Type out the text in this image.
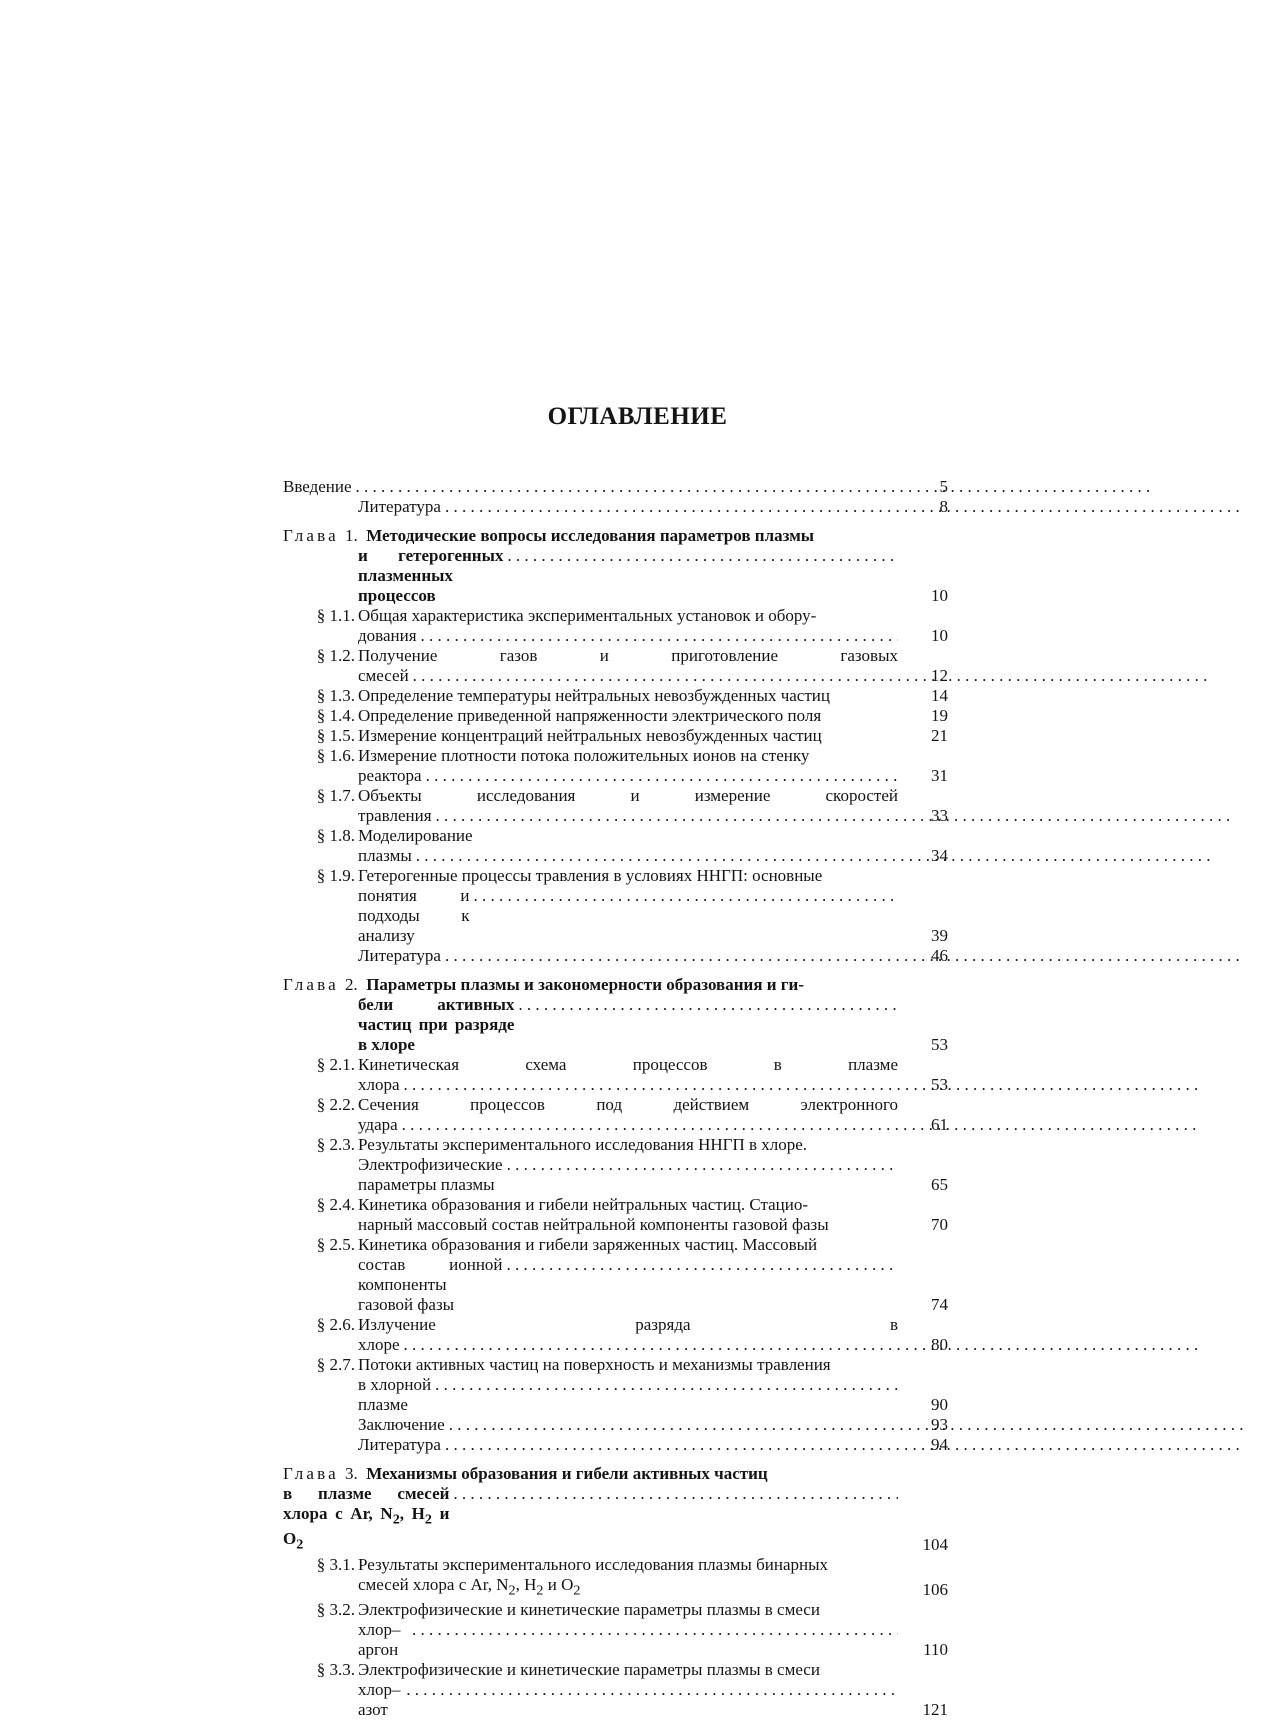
ОГЛАВЛЕНИЕ
Введение . . .	5
Литература . . .	8
Глава 1. Методические вопросы исследования параметров плазмы
и гетерогенных плазменных процессов
. . .	10
§ 1.1. Общая характеристика экспериментальных установок и обору-
дования . . .	10
§ 1.2. Получение газов и приготовление газовых смесей . . .	12
§ 1.3. Определение температуры нейтральных невозбужденных частиц	14
§ 1.4. Определение приведенной напряженности электрического поля	19
§ 1.5. Измерение концентраций нейтральных невозбужденных частиц	21
§ 1.6. Измерение плотности потока положительных ионов на стенку
реактора . . .	31
§ 1.7. Объекты исследования и измерение скоростей травления . . .	33
§ 1.8. Моделирование плазмы . . .	34
§ 1.9. Гетерогенные процессы травления в условиях ННГП: основные
понятия и подходы к анализу
. . .	39
Литература . . .	46
Глава 2. Параметры плазмы и закономерности образования и ги-
бели активных частиц при разряде в хлоре
. . .	53
§ 2.1. Кинетическая схема процессов в плазме хлора . . .	53
§ 2.2. Сечения процессов под действием электронного удара . . .	61
§ 2.3. Результаты экспериментального исследования ННГП в хлоре.
Электрофизические параметры плазмы
. . .	65
§ 2.4. Кинетика образования и гибели нейтральных частиц. Стацио-
нарный массовый состав нейтральной компоненты газовой фазы	70
§ 2.5. Кинетика образования и гибели заряженных частиц. Массовый
состав ионной компоненты газовой фазы
. . .	74
§ 2.6. Излучение разряда в хлоре . . .	80
§ 2.7. Потоки активных частиц на поверхность и механизмы травления
в хлорной плазме
. . .	90
Заключение . . .	93
Литература . . .	94
Глава 3. Механизмы образования и гибели активных частиц
в плазме смесей хлора с Ar, $N_2$, $H_2$ и $O_2$
. . .	104
§ 3.1. Результаты экспериментального исследования плазмы бинарных
смесей хлора с Ar, $N_2$, $H_2$ и $O_2$	106
§ 3.2. Электрофизические и кинетические параметры плазмы в смеси
хлор–аргон
. . .	110
§ 3.3. Электрофизические и кинетические параметры плазмы в смеси
хлор–азот
. . .	121
